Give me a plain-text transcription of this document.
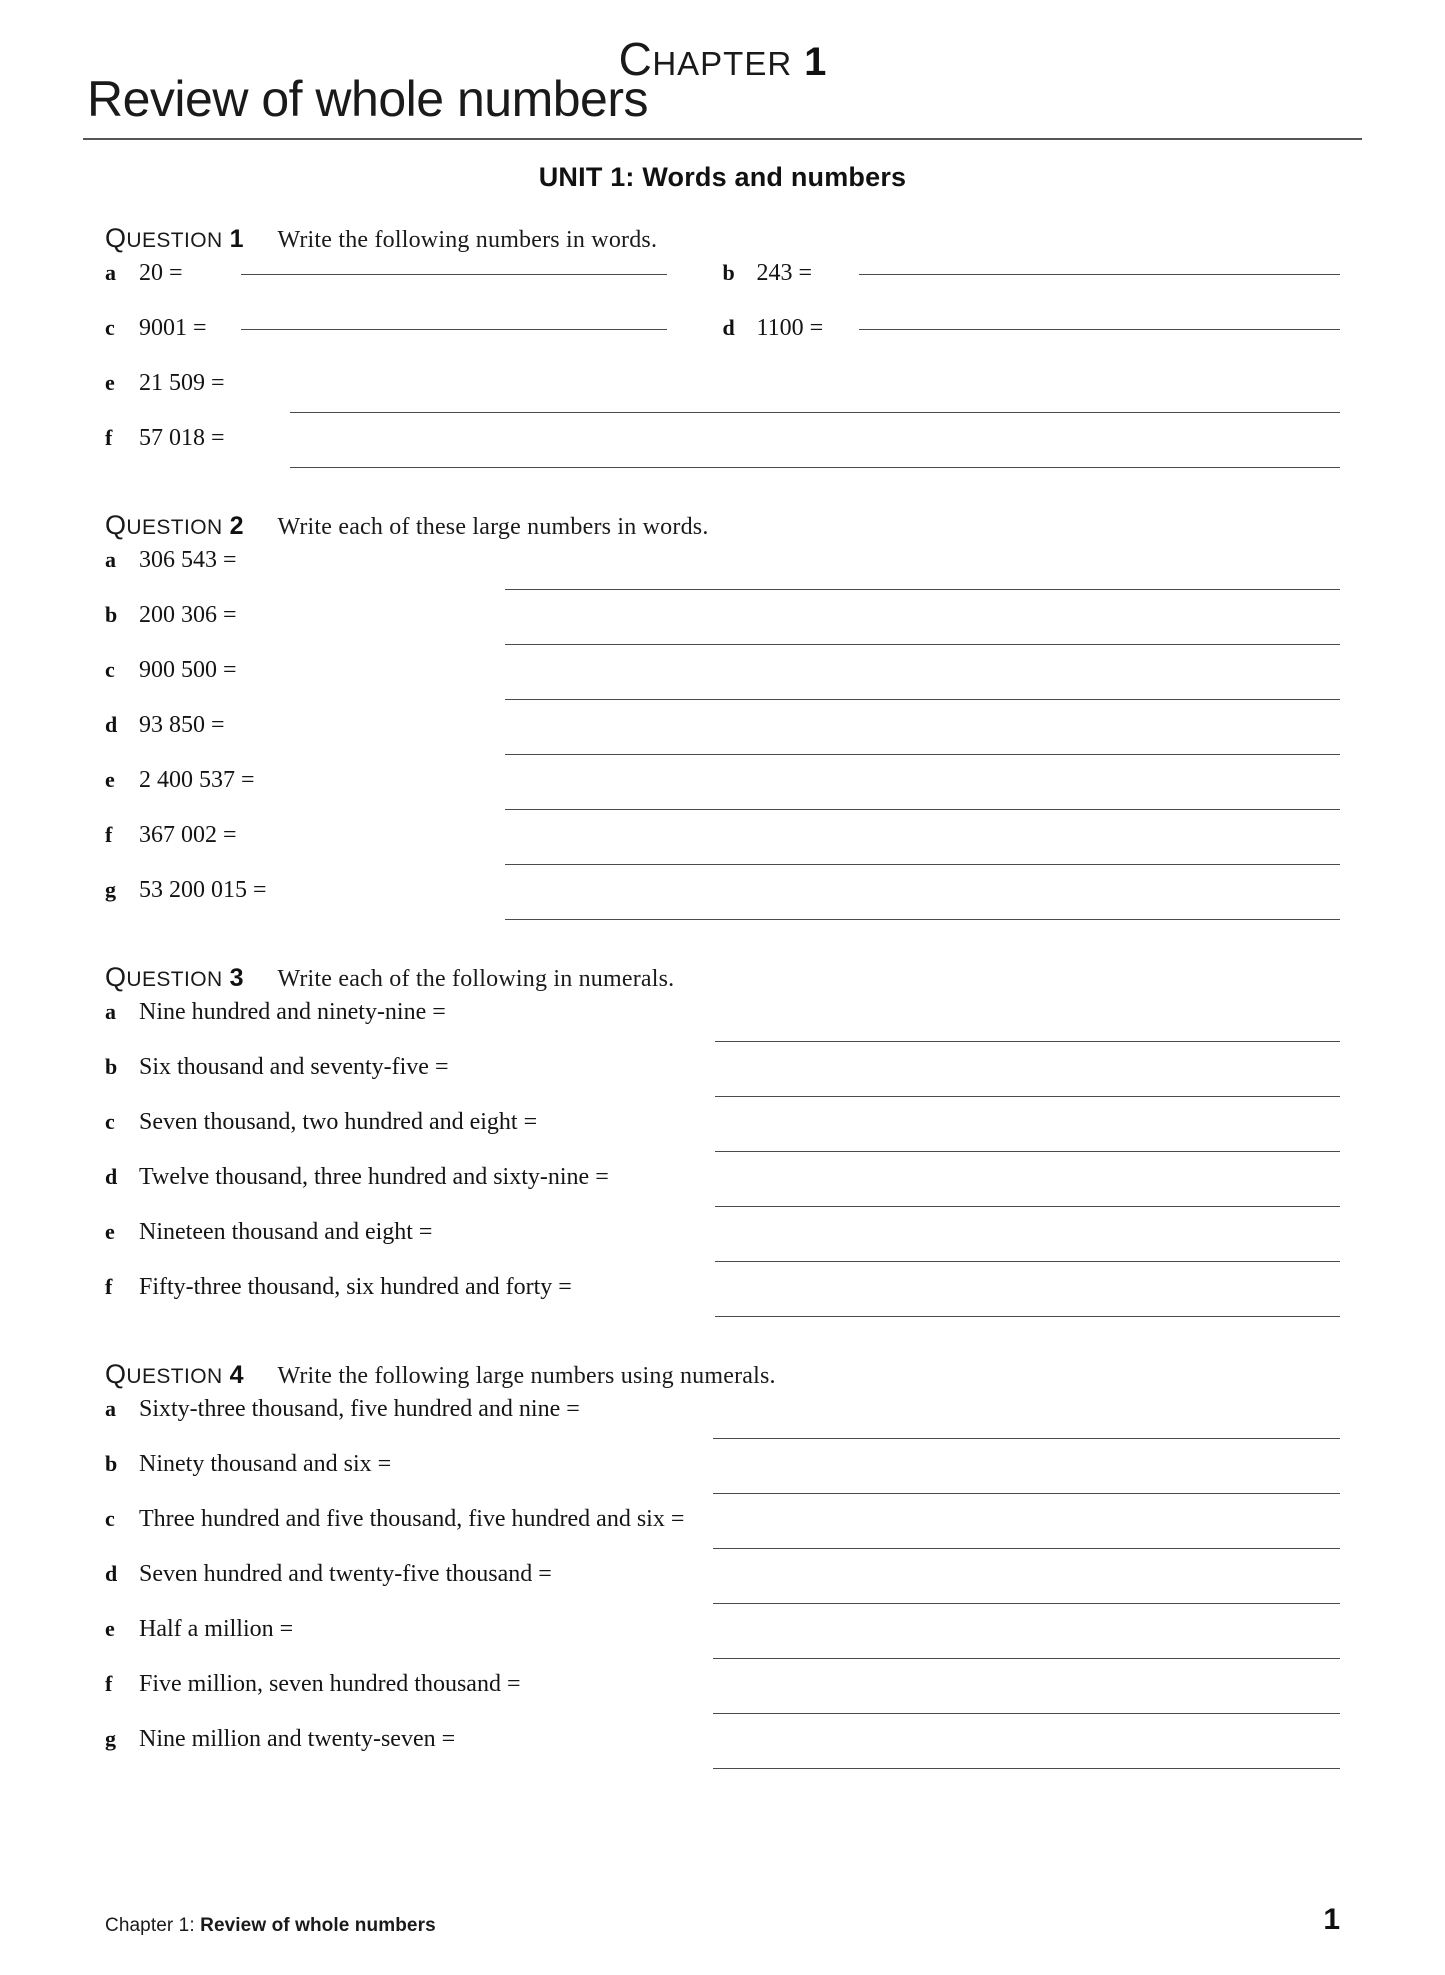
CHAPTER 1
Review of whole numbers
UNIT 1: Words and numbers
QUESTION 1 Write the following numbers in words.
a 20 =	b 243 =
c	9001 =	d 1100 =
e	21 509 =
f	57 018 =
QUESTION 2 Write each of these large numbers in words.
a 306 543 =
b 200 306 =
c	900 500 =
d 93 850 =
e	2 400 537 =
f	367 002 =
g 53 200 015 =
QUESTION 3 Write each of the following in numerals.
a Nine hundred and ninety-nine =
b Six thousand and seventy-five =
c	Seven thousand, two hundred and eight =
d Twelve thousand, three hundred and sixty-nine =
e	Nineteen thousand and eight =
f	Fifty-three thousand, six hundred and forty =
QUESTION 4 Write the following large numbers using numerals.
a Sixty-three thousand, five hundred and nine =
b Ninety thousand and six =
c	Three hundred and five thousand, five hundred and six =
d Seven hundred and twenty-five thousand =
e	Half a million =
f	Five million, seven hundred thousand =
g Nine million and twenty-seven =
Chapter 1: Review of whole numbers	1
